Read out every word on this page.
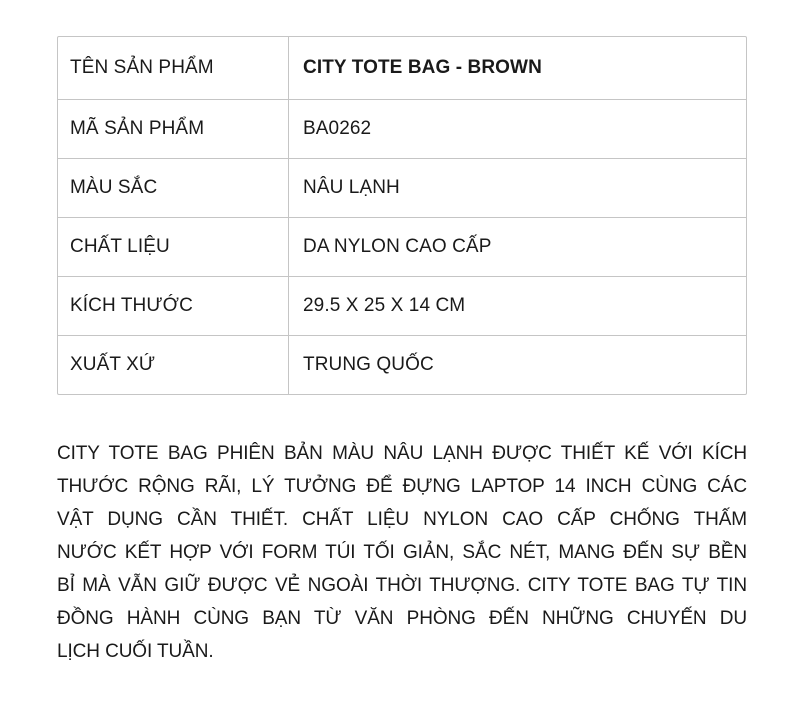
TÊN SẢN PHẨM	CITY TOTE BAG - BROWN
MÃ SẢN PHẨM	BA0262
MÀU SẮC	NÂU LẠNH
CHẤT LIỆU	DA NYLON CAO CẤP
KÍCH THƯỚC	29.5 X 25 X 14 CM
XUẤT XỨ	TRUNG QUỐC
CITY TOTE BAG PHIÊN BẢN MÀU NÂU LẠNH ĐƯỢC THIẾT KẾ VỚI KÍCH
THƯỚC RỘNG RÃI, LÝ TƯỞNG ĐỂ ĐỰNG LAPTOP 14 INCH CÙNG CÁC
VẬT DỤNG CẦN THIẾT. CHẤT LIỆU NYLON CAO CẤP CHỐNG THẤM
NƯỚC KẾT HỢP VỚI FORM TÚI TỐI GIẢN, SẮC NÉT, MANG ĐẾN SỰ BỀN
BỈ MÀ VẪN GIỮ ĐƯỢC VẺ NGOÀI THỜI THƯỢNG. CITY TOTE BAG TỰ TIN
ĐỒNG HÀNH CÙNG BẠN TỪ VĂN PHÒNG ĐẾN NHỮNG CHUYẾN DU
LỊCH CUỐI TUẦN.
